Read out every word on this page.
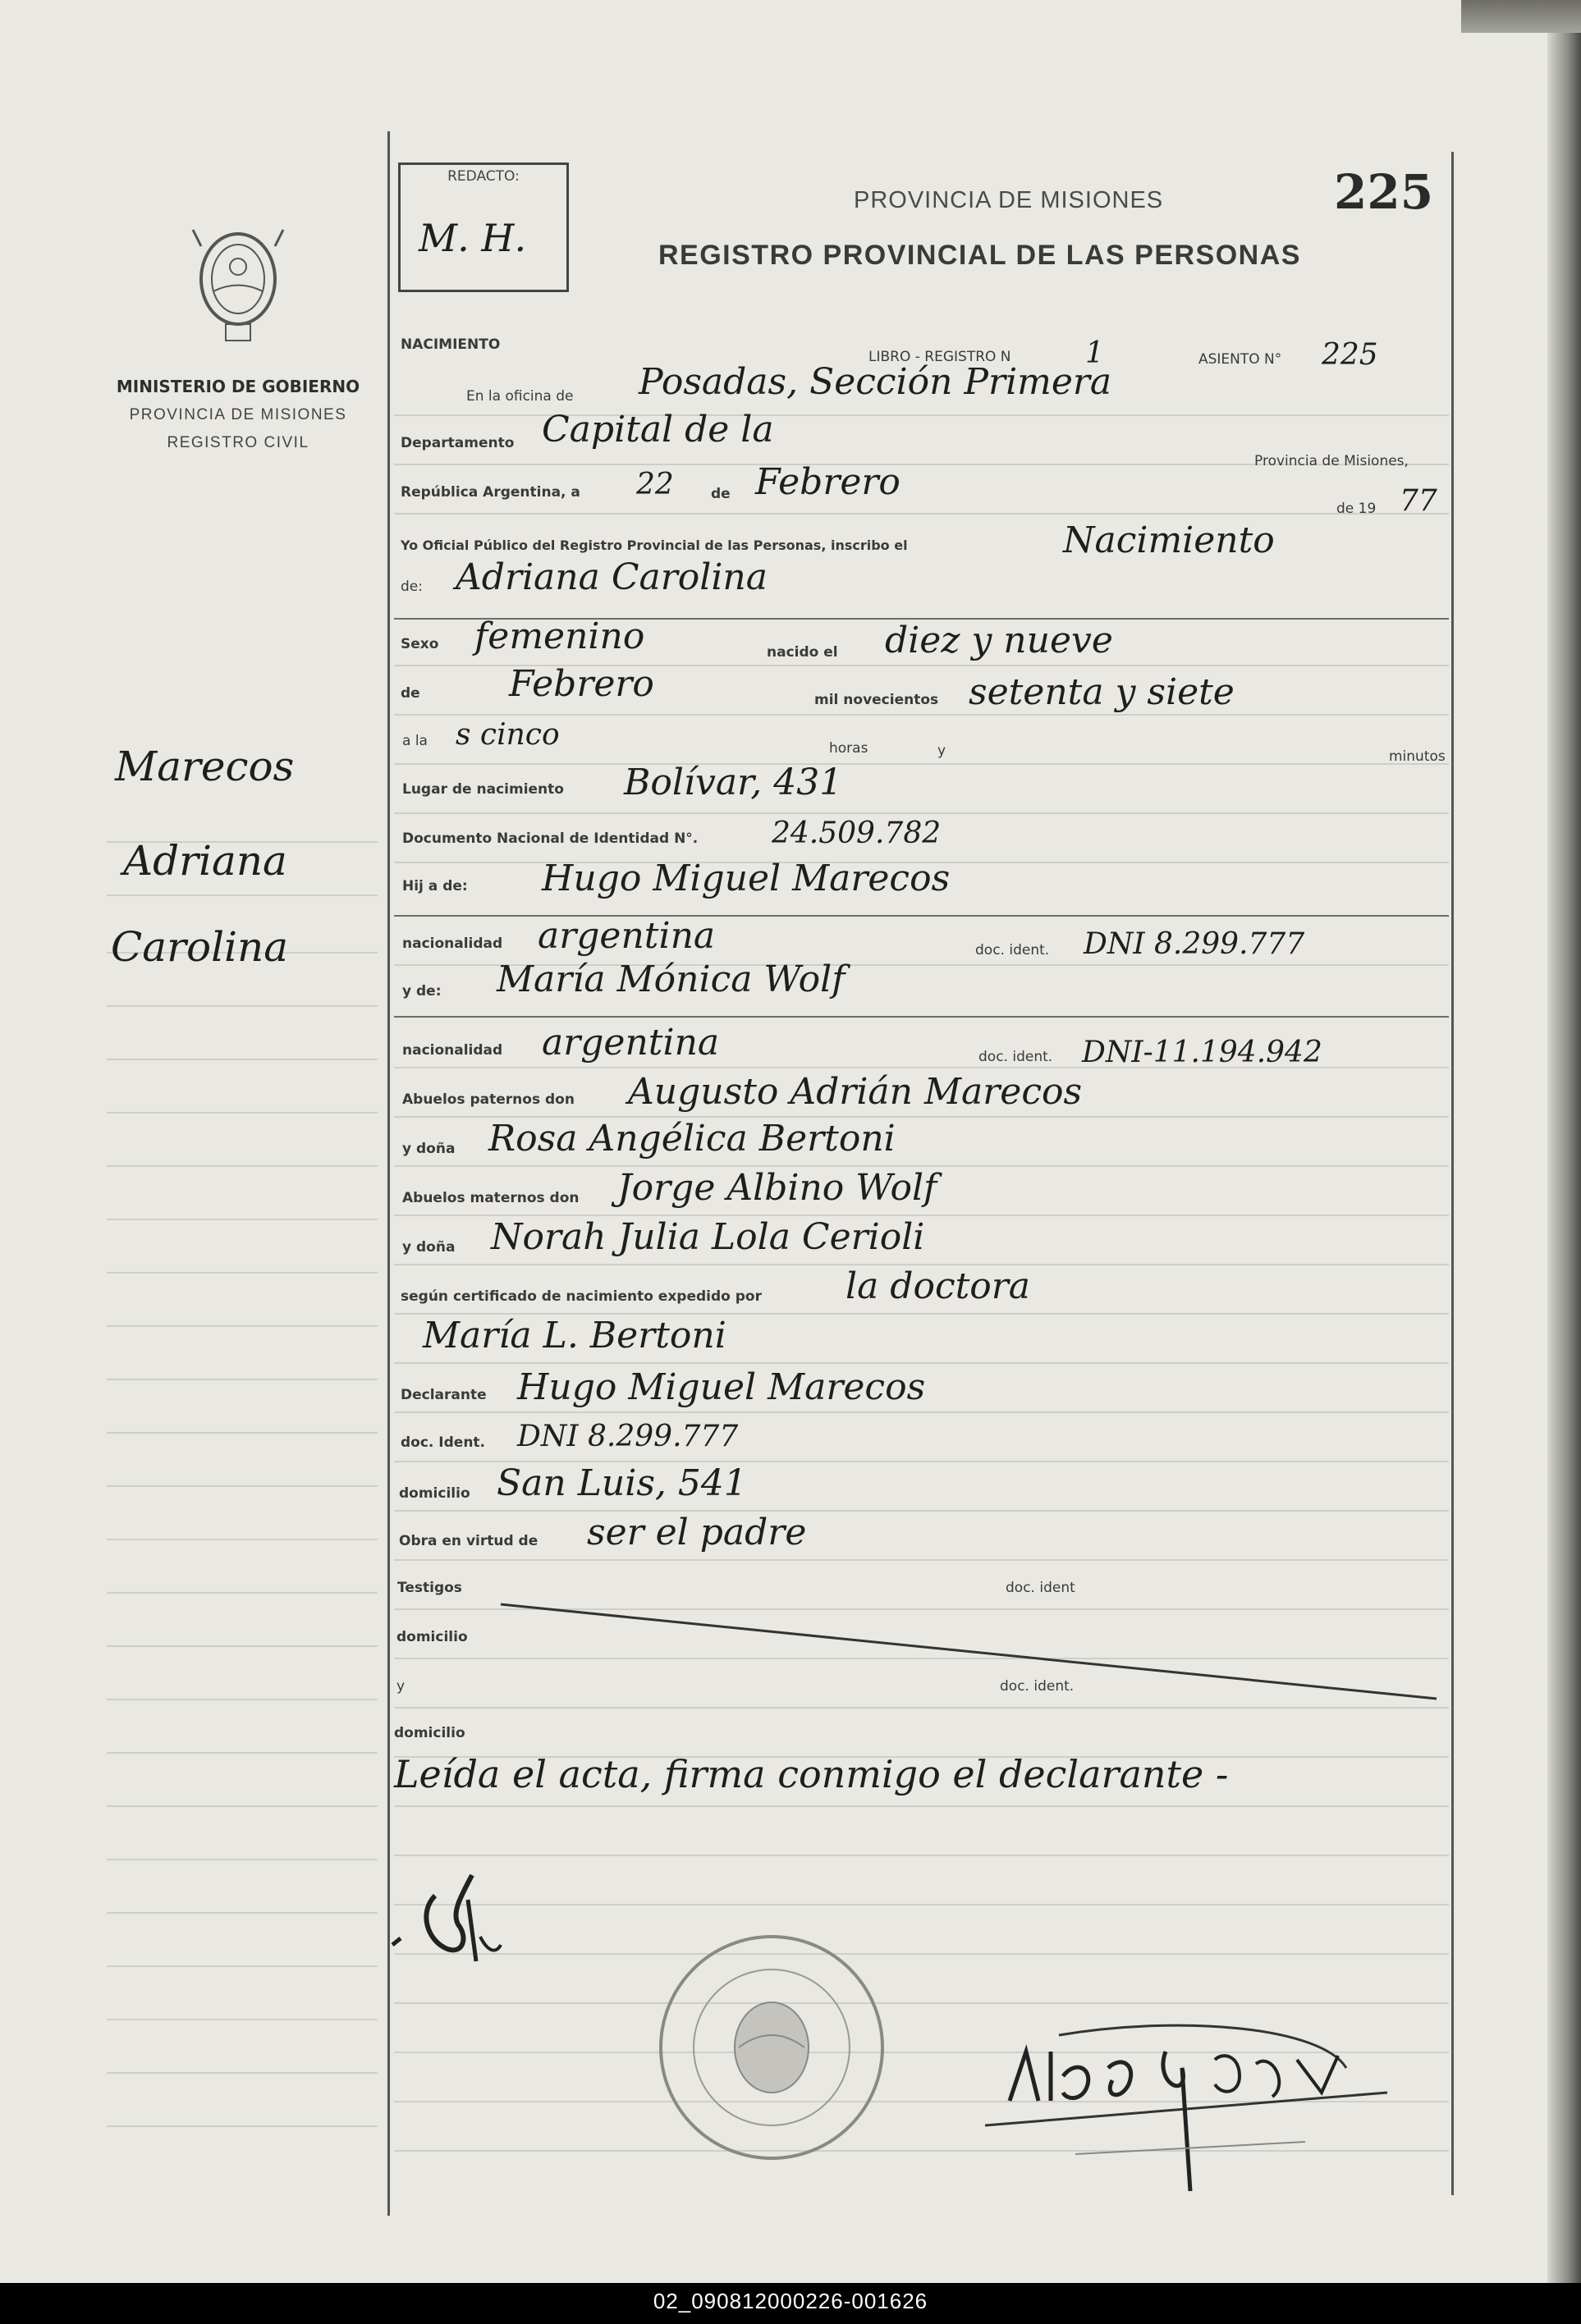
REDACTO:
M. H.
PROVINCIA DE MISIONES
REGISTRO PROVINCIAL DE LAS PERSONAS
225
MINISTERIO DE GOBIERNO
PROVINCIA DE MISIONES
REGISTRO CIVIL
Marecos
Adriana
Carolina
NACIMIENTO
LIBRO - REGISTRO N	1	ASIENTO N° 225
En la oficina de Posadas, Sección Primera
Departamento Capital de la
Provincia de Misiones,
República Argentina, a 22	de Febrero
de 19 77
Yo Oficial Público del Registro Provincial de las Personas, inscribo el	Nacimiento
de: Adriana Carolina
Sexo femenino	nacido el diez y nueve
de Febrero	mil novecientos setenta y siete
a la s cinco	horas	y	minutos
Lugar de nacimiento Bolívar, 431
Documento Nacional de Identidad N°. 24.509.782
Hij a de: Hugo Miguel Marecos
nacionalidad argentina	doc. ident. DNI 8.299.777
y de: María Mónica Wolf
nacionalidad argentina	doc. ident. DNI-11.194.942
Abuelos paternos don Augusto Adrián Marecos
y doña Rosa Angélica Bertoni
Abuelos maternos don Jorge Albino Wolf
y doña Norah Julia Lola Cerioli
según certificado de nacimiento expedido por la doctora
María L. Bertoni
Declarante Hugo Miguel Marecos
doc. Ident. DNI 8.299.777
domicilio San Luis, 541
Obra en virtud de ser el padre
Testigos	doc. ident
domicilio
y	doc. ident.
domicilio
Leída el acta, firma conmigo el declarante -
02_090812000226-001626
